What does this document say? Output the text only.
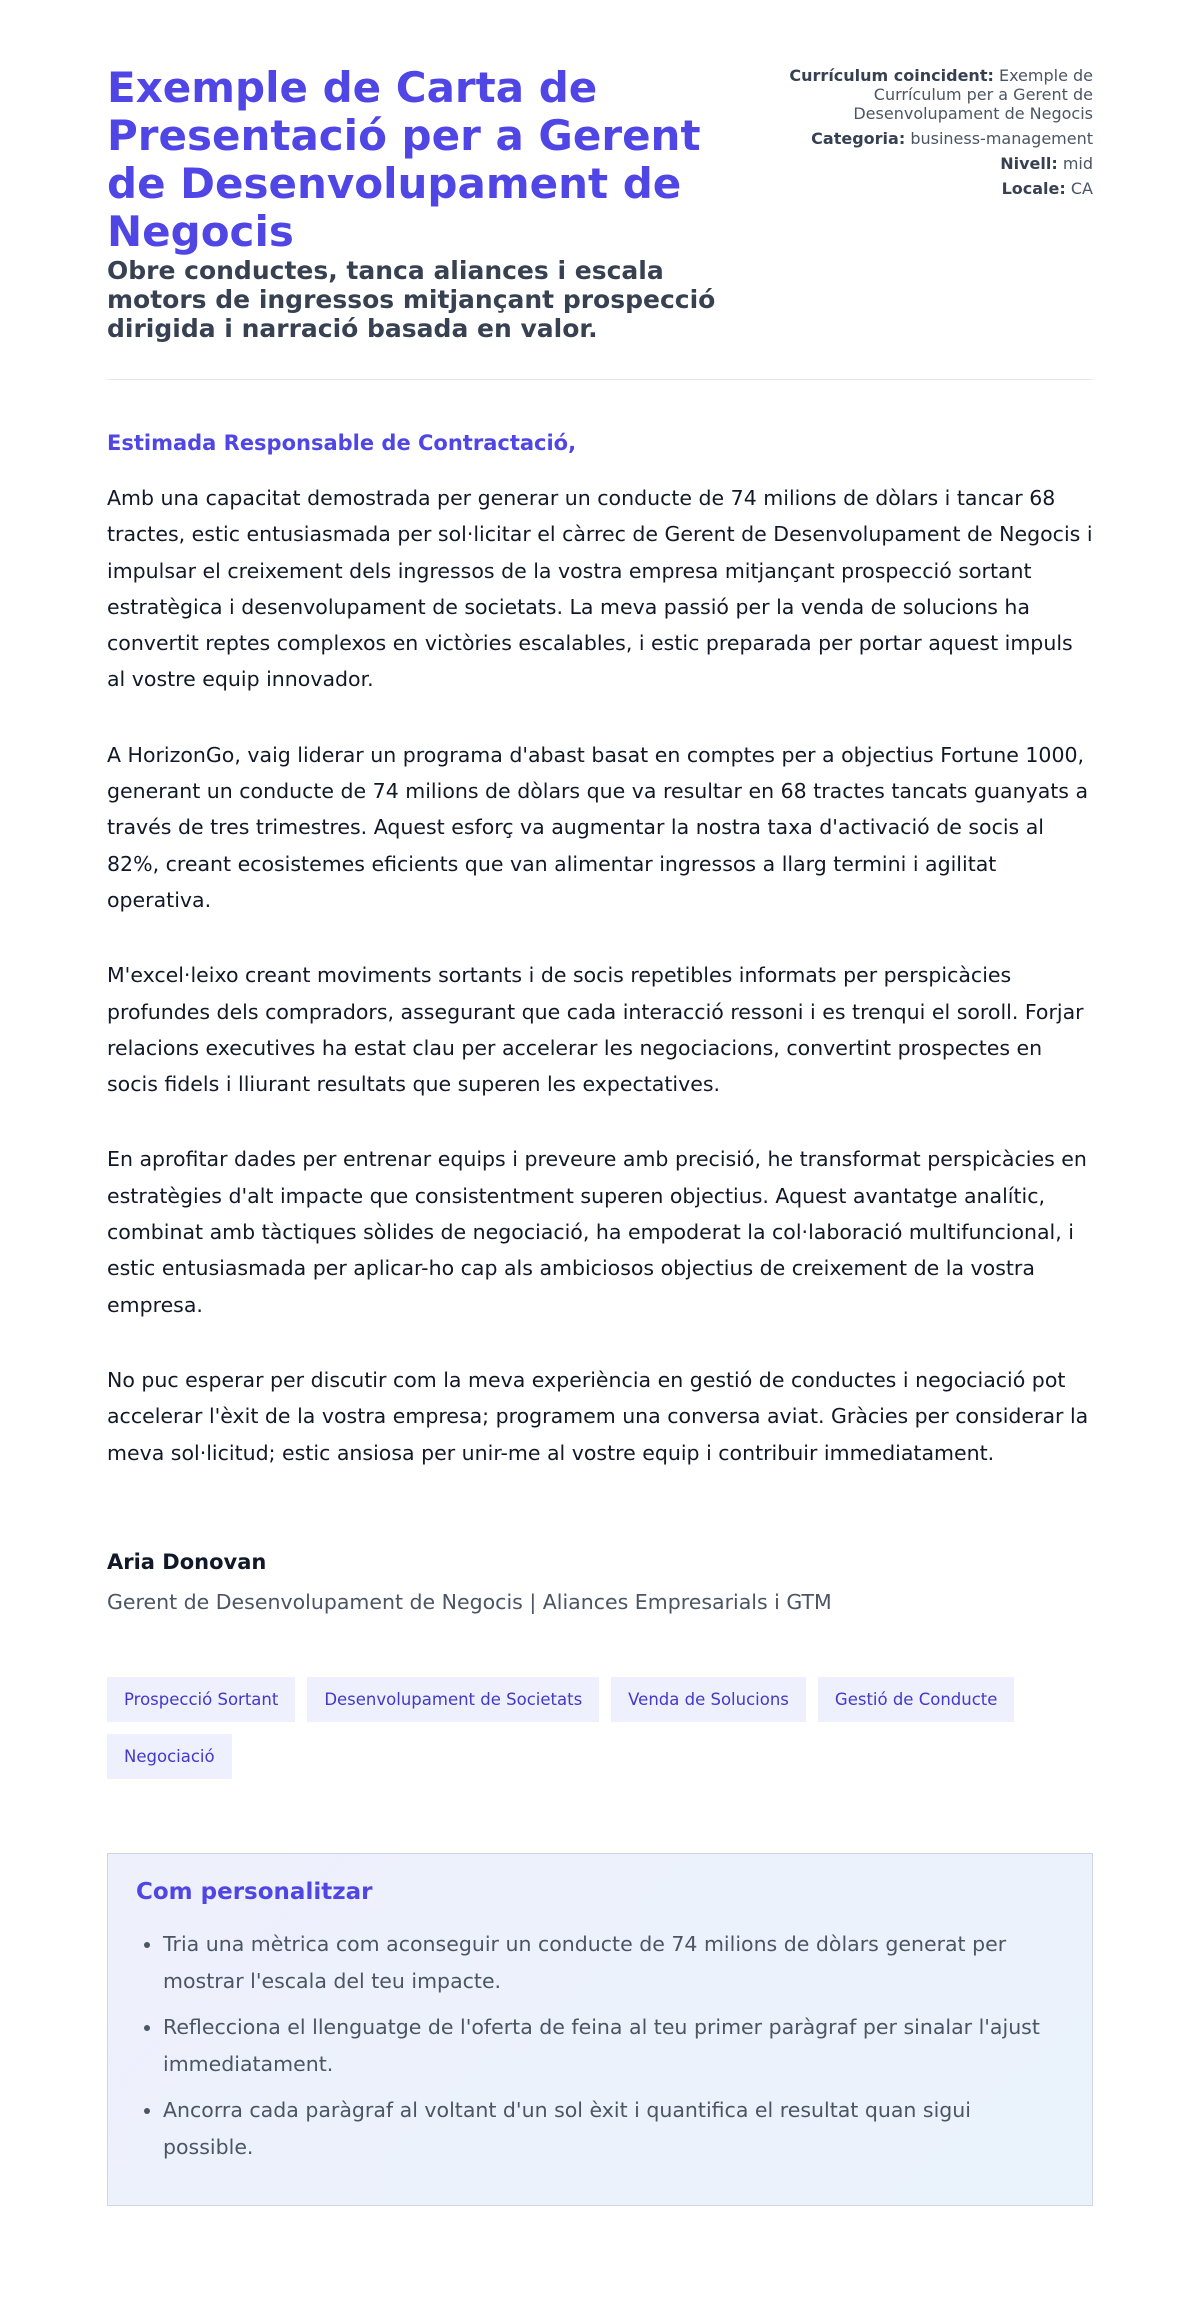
Exemple de Carta de Presentació per a Gerent de Desenvolupament de Negocis

Obre conductes, tanca aliances i escala motors de ingressos mitjançant prospecció dirigida i narració basada en valor.

Currículum coincident: Exemple de Currículum per a Gerent de Desenvolupament de Negocis
Categoria: business-management
Nivell: mid
Locale: CA
Estimada Responsable de Contractació,

Amb una capacitat demostrada per generar un conducte de 74 milions de dòlars i tancar 68 tractes, estic entusiasmada per sol·licitar el càrrec de Gerent de Desenvolupament de Negocis i impulsar el creixement dels ingressos de la vostra empresa mitjançant prospecció sortant estratègica i desenvolupament de societats. La meva passió per la venda de solucions ha convertit reptes complexos en victòries escalables, i estic preparada per portar aquest impuls al vostre equip innovador.

A HorizonGo, vaig liderar un programa d'abast basat en comptes per a objectius Fortune 1000, generant un conducte de 74 milions de dòlars que va resultar en 68 tractes tancats guanyats a través de tres trimestres. Aquest esforç va augmentar la nostra taxa d'activació de socis al 82%, creant ecosistemes eficients que van alimentar ingressos a llarg termini i agilitat operativa.

M'excel·leixo creant moviments sortants i de socis repetibles informats per perspicàcies profundes dels compradors, assegurant que cada interacció ressoni i es trenqui el soroll. Forjar relacions executives ha estat clau per accelerar les negociacions, convertint prospectes en socis fidels i lliurant resultats que superen les expectatives.

En aprofitar dades per entrenar equips i preveure amb precisió, he transformat perspicàcies en estratègies d'alt impacte que consistentment superen objectius. Aquest avantatge analític, combinat amb tàctiques sòlides de negociació, ha empoderat la col·laboració multifuncional, i estic entusiasmada per aplicar-ho cap als ambiciosos objectius de creixement de la vostra empresa.

No puc esperar per discutir com la meva experiència en gestió de conductes i negociació pot accelerar l'èxit de la vostra empresa; programem una conversa aviat. Gràcies per considerar la meva sol·licitud; estic ansiosa per unir-me al vostre equip i contribuir immediatament.

Aria Donovan
Gerent de Desenvolupament de Negocis | Aliances Empresarials i GTM
Prospecció Sortant	Desenvolupament de Societats	Venda de Solucions	Gestió de Conducte
Negociació
Com personalitzar
• Tria una mètrica com aconseguir un conducte de 74 milions de dòlars generat per mostrar l'escala del teu impacte.
• Reflecciona el llenguatge de l'oferta de feina al teu primer paràgraf per sinalar l'ajust immediatament.
• Ancorra cada paràgraf al voltant d'un sol èxit i quantifica el resultat quan sigui possible.
